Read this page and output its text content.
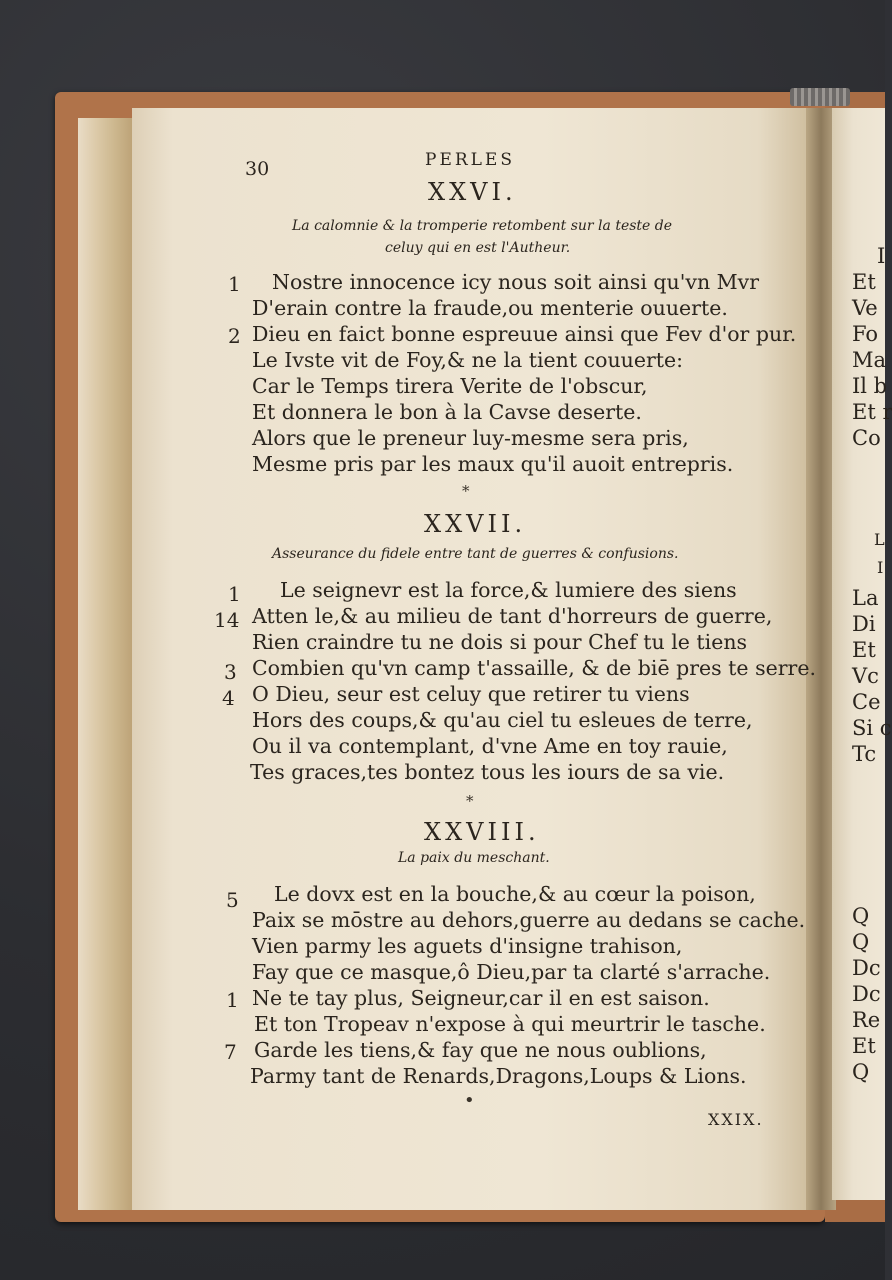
I
Et
Ve
Fo
Ma
Il b
Et r
Co
L
I
La
Di
Et
Vc
Ce
Si c
Tc
Q
Q
Dc
Dc
Re
Et
Q
30	PERLES
XXVI.
La calomnie & la tromperie retombent sur la teste de
celuy qui en est l'Autheur.
1
2
Nostre innocence icy nous soit ainsi qu'vn Mvr
D'erain contre la fraude,ou menterie ouuerte.
Dieu en faict bonne espreuue ainsi que Fev d'or pur.
Le Ivste vit de Foy,& ne la tient couuerte:
Car le Temps tirera Verite de l'obscur,
Et donnera le bon à la Cavse deserte.
Alors que le preneur luy-mesme sera pris,
Mesme pris par les maux qu'il auoit entrepris.
*
XXVII.
Asseurance du fidele entre tant de guerres & confusions.
1
14
3
4
Le seignevr est la force,& lumiere des siens
Atten le,& au milieu de tant d'horreurs de guerre,
Rien craindre tu ne dois si pour Chef tu le tiens
Combien qu'vn camp t'assaille, & de biē pres te serre.
O Dieu, seur est celuy que retirer tu viens
Hors des coups,& qu'au ciel tu esleues de terre,
Ou il va contemplant, d'vne Ame en toy rauie,
Tes graces,tes bontez tous les iours de sa vie.
*
XXVIII.
La paix du meschant.
5
1
7
Le dovx est en la bouche,& au cœur la poison,
Paix se mōstre au dehors,guerre au dedans se cache.
Vien parmy les aguets d'insigne trahison,
Fay que ce masque,ô Dieu,par ta clarté s'arrache.
Ne te tay plus, Seigneur,car il en est saison.
Et ton Tropeav n'expose à qui meurtrir le tasche.
Garde les tiens,& fay que ne nous oublions,
Parmy tant de Renards,Dragons,Loups & Lions.
•
XXIX.
